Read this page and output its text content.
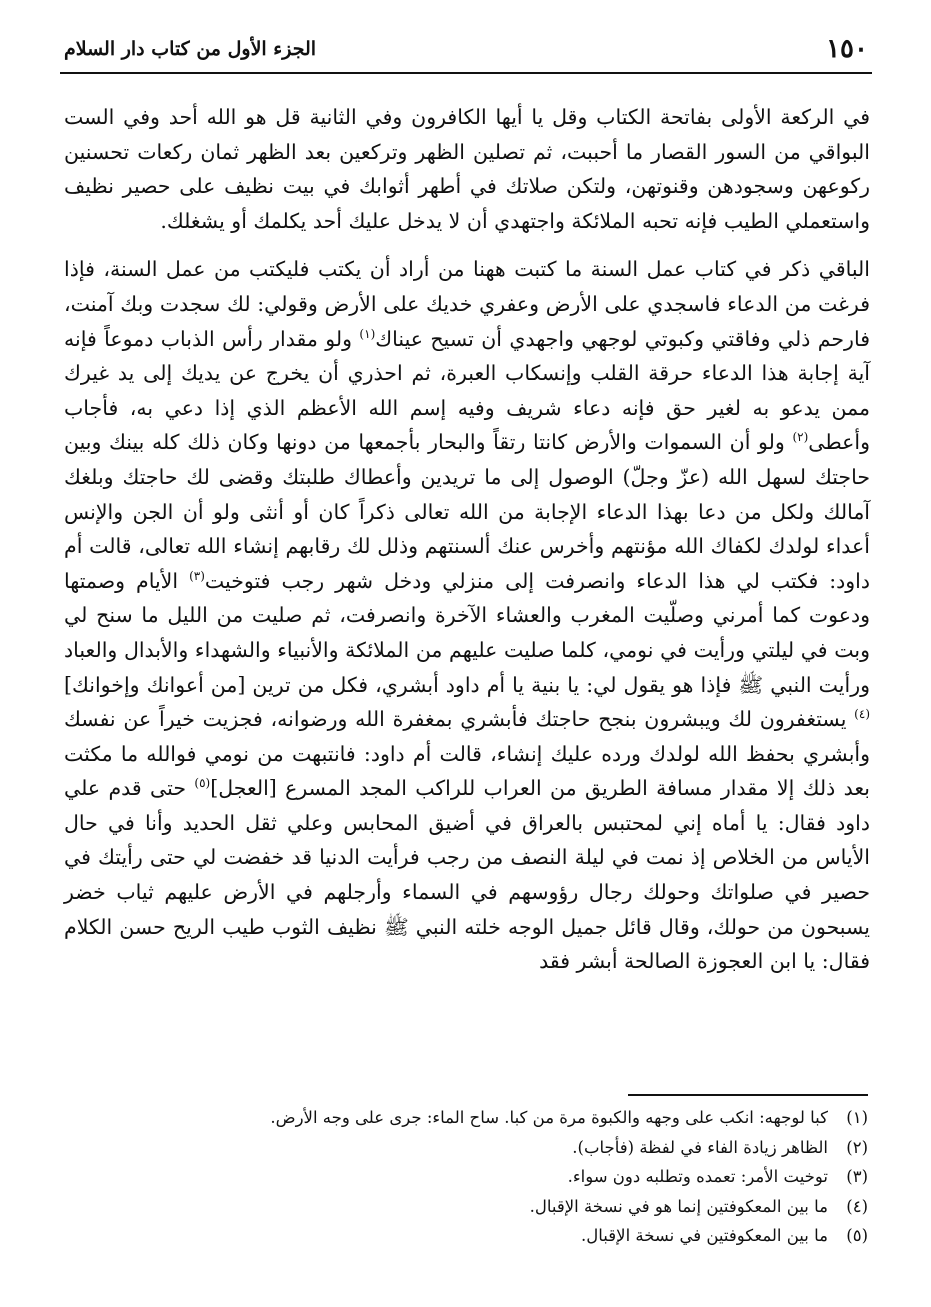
١٥٠
الجزء الأول من كتاب دار السلام

في الركعة الأولى بفاتحة الكتاب وقل يا أيها الكافرون وفي الثانية قل هو الله أحد وفي الست البواقي من السور القصار ما أحببت، ثم تصلين الظهر وتركعين بعد الظهر ثمان ركعات تحسنين ركوعهن وسجودهن وقنوتهن، ولتكن صلاتك في أطهر أثوابك في بيت نظيف على حصير نظيف واستعملي الطيب فإنه تحبه الملائكة واجتهدي أن لا يدخل عليك أحد يكلمك أو يشغلك.

الباقي ذكر في كتاب عمل السنة ما كتبت ههنا من أراد أن يكتب فليكتب من عمل السنة، فإذا فرغت من الدعاء فاسجدي على الأرض وعفري خديك على الأرض وقولي: لك سجدت وبك آمنت، فارحم ذلي وفاقتي وكبوتي لوجهي واجهدي أن تسيح عيناك$^{(١)}$ ولو مقدار رأس الذباب دموعاً فإنه آية إجابة هذا الدعاء حرقة القلب وإنسكاب العبرة، ثم احذري أن يخرج عن يديك إلى يد غيرك ممن يدعو به لغير حق فإنه دعاء شريف وفيه إسم الله الأعظم الذي إذا دعي به، فأجاب وأعطى$^{(٢)}$ ولو أن السموات والأرض كانتا رتقاً والبحار بأجمعها من دونها وكان ذلك كله بينك وبين حاجتك لسهل الله (عزّ وجلّ) الوصول إلى ما تريدين وأعطاك طلبتك وقضى لك حاجتك وبلغك آمالك ولكل من دعا بهذا الدعاء الإجابة من الله تعالى ذكراً كان أو أنثى ولو أن الجن والإنس أعداء لولدك لكفاك الله مؤنتهم وأخرس عنك ألسنتهم وذلل لك رقابهم إنشاء الله تعالى، قالت أم داود: فكتب لي هذا الدعاء وانصرفت إلى منزلي ودخل شهر رجب فتوخيت$^{(٣)}$ الأيام وصمتها ودعوت كما أمرني وصلّيت المغرب والعشاء الآخرة وانصرفت، ثم صليت من الليل ما سنح لي وبت في ليلتي ورأيت في نومي، كلما صليت عليهم من الملائكة والأنبياء والشهداء والأبدال والعباد ورأيت النبي ﷺ فإذا هو يقول لي: يا بنية يا أم داود أبشري، فكل من ترين [من أعوانك وإخوانك]$^{(٤)}$ يستغفرون لك ويبشرون بنجح حاجتك فأبشري بمغفرة الله ورضوانه، فجزيت خيراً عن نفسك وأبشري بحفظ الله لولدك ورده عليك إنشاء، قالت أم داود: فانتبهت من نومي فوالله ما مكثت بعد ذلك إلا مقدار مسافة الطريق من العراب للراكب المجد المسرع [العجل]$^{(٥)}$ حتى قدم علي داود فقال: يا أماه إني لمحتبس بالعراق في أضيق المحابس وعلي ثقل الحديد وأنا في حال الأياس من الخلاص إذ نمت في ليلة النصف من رجب فرأيت الدنيا قد خفضت لي حتى رأيتك في حصير في صلواتك وحولك رجال رؤوسهم في السماء وأرجلهم في الأرض عليهم ثياب خضر يسبحون من حولك، وقال قائل جميل الوجه خلته النبي ﷺ نظيف الثوب طيب الريح حسن الكلام فقال: يا ابن العجوزة الصالحة أبشر فقد

(١)
كبا لوجهه: انكب على وجهه والكبوة مرة من كبا. ساح الماء: جرى على وجه الأرض.
(٢)
الظاهر زيادة الفاء في لفظة (فأجاب).
(٣)
توخيت الأمر: تعمده وتطلبه دون سواء.
(٤)
ما بين المعكوفتين إنما هو في نسخة الإقبال.
(٥)
ما بين المعكوفتين في نسخة الإقبال.
